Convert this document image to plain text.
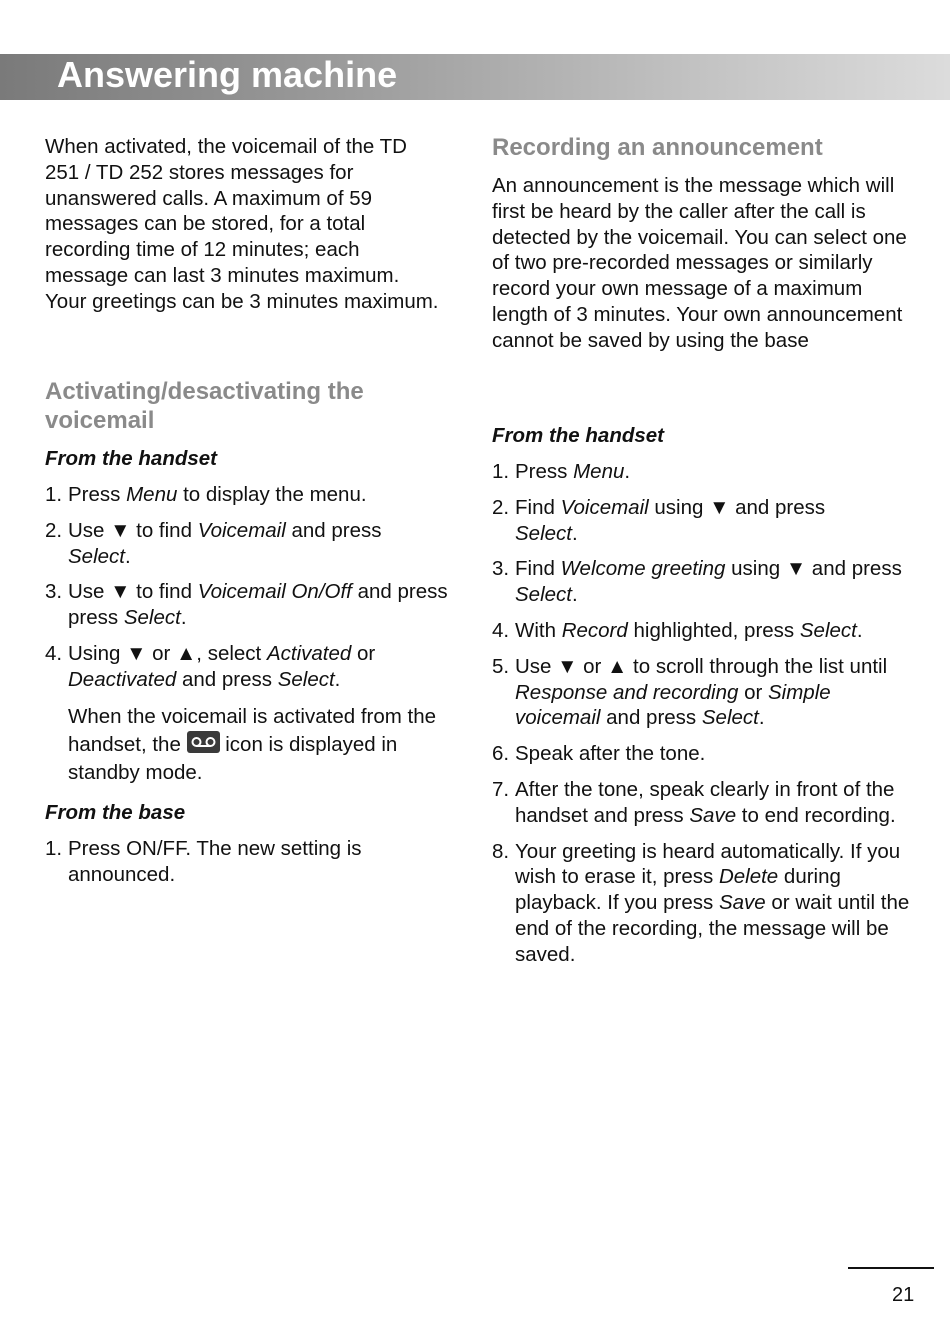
Answering machine

When activated, the voicemail of the TD 251 / TD 252 stores messages for unanswered calls. A maximum of 59 messages can be stored, for a total recording time of 12 minutes; each message can last 3 minutes maximum. Your greetings can be 3 minutes maximum.

Activating/desactivating the voicemail
From the handset
1. Press Menu to display the menu.
2. Use ▼ to find Voicemail and press
Select.
3. Use ▼ to find Voicemail On/Off and press
press Select.
4. Using ▼ or ▲, select Activated or
Deactivated and press Select.
When the voicemail is activated from the handset, the
icon is displayed in standby mode.
From the base
1. Press ON/FF. The new setting is announced.
Recording an announcement

An announcement is the message which will first be heard by the caller after the call is detected by the voicemail. You can select one of two pre-recorded messages or similarly record your own message of a maximum length of 3 minutes. Your own announcement cannot be saved by using the base

From the handset
1. Press Menu.
2. Find Voicemail using ▼ and press
Select.
3. Find Welcome greeting using ▼ and press Select.
4. With Record highlighted, press Select.
5. Use ▼ or ▲ to scroll through the list until Response and recording or Simple voicemail and press Select.
6. Speak after the tone.
7. After the tone, speak clearly in front of the handset and press Save to end recording.
8. Your greeting is heard automatically. If you wish to erase it, press Delete during playback. If you press Save or wait until the end of the recording, the message will be saved.
21
